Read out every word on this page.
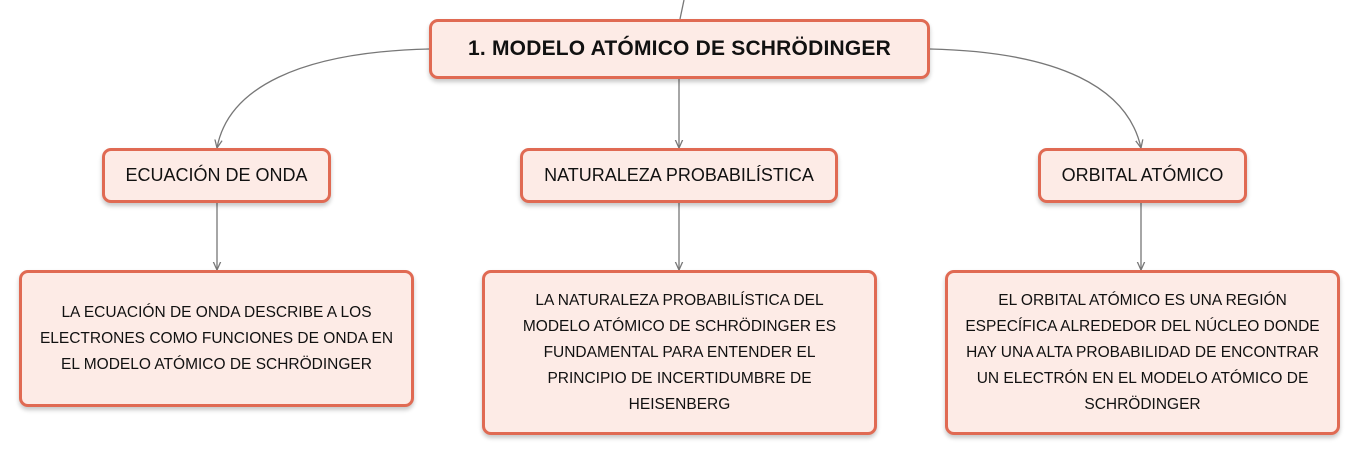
1. MODELO ATÓMICO DE SCHRÖDINGER
ECUACIÓN DE ONDA	NATURALEZA PROBABILÍSTICA	ORBITAL ATÓMICO
LA ECUACIÓN DE ONDA DESCRIBE A LOS ELECTRONES COMO FUNCIONES DE ONDA EN EL MODELO ATÓMICO DE SCHRÖDINGER
LA NATURALEZA PROBABILÍSTICA DEL MODELO ATÓMICO DE SCHRÖDINGER ES FUNDAMENTAL PARA ENTENDER EL PRINCIPIO DE INCERTIDUMBRE DE HEISENBERG
EL ORBITAL ATÓMICO ES UNA REGIÓN ESPECÍFICA ALREDEDOR DEL NÚCLEO DONDE HAY UNA ALTA PROBABILIDAD DE ENCONTRAR UN ELECTRÓN EN EL MODELO ATÓMICO DE SCHRÖDINGER
